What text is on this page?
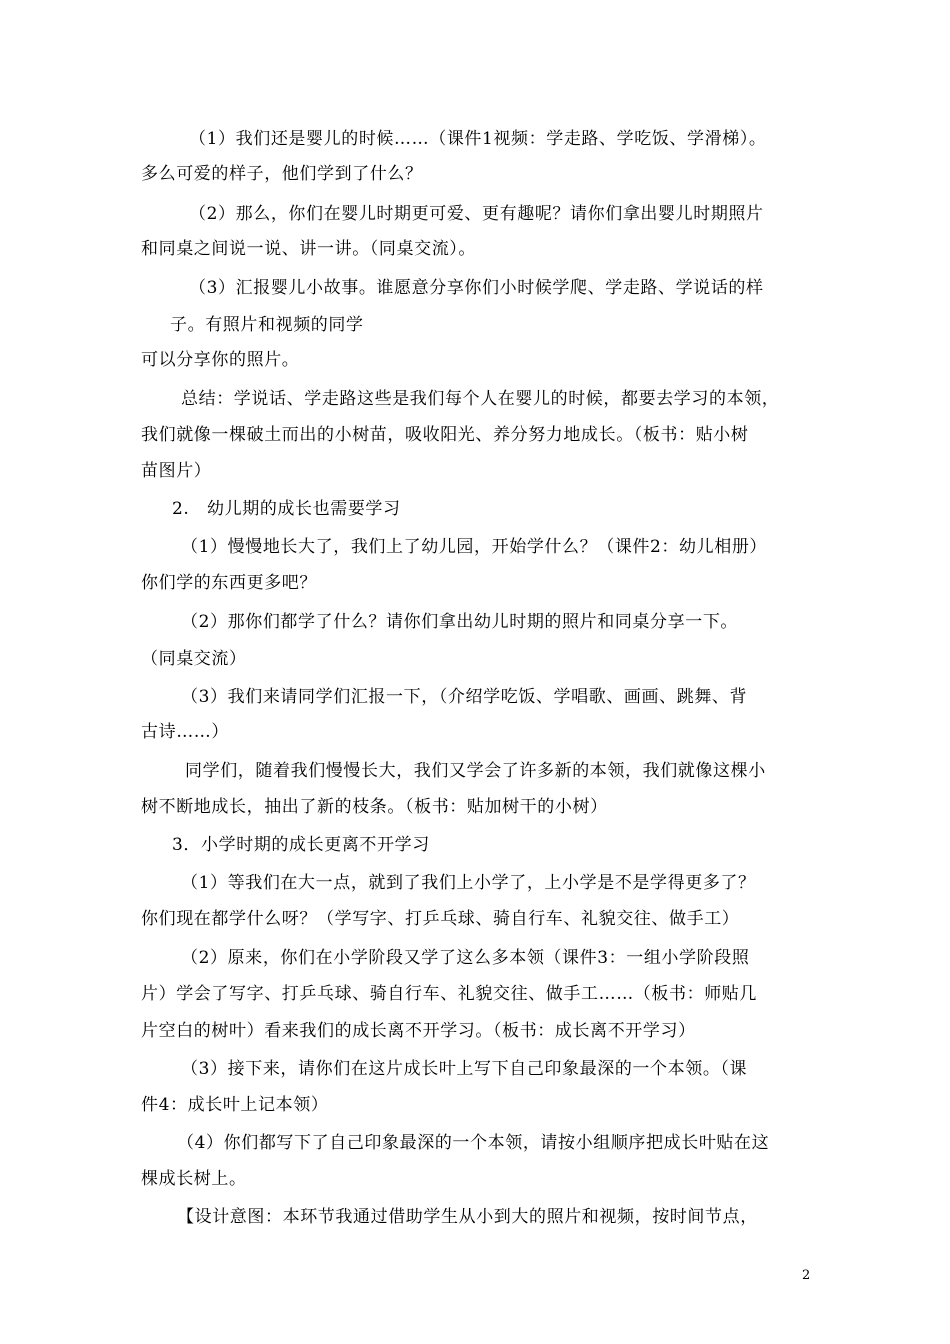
（1）我们还是婴儿的时候……（课件1视频：学走路、学吃饭、学滑梯）。

多么可爱的样子，他们学到了什么？

（2）那么，你们在婴儿时期更可爱、更有趣呢？请你们拿出婴儿时期照片

和同桌之间说一说、讲一讲。（同桌交流）。

（3）汇报婴儿小故事。谁愿意分享你们小时候学爬、学走路、学说话的样

子。有照片和视频的同学

可以分享你的照片。

总结：学说话、学走路这些是我们每个人在婴儿的时候，都要去学习的本领，

我们就像一棵破土而出的小树苗，吸收阳光、养分努力地成长。（板书：贴小树

苗图片）

2.　幼儿期的成长也需要学习

（1）慢慢地长大了，我们上了幼儿园，开始学什么？（课件2：幼儿相册）

你们学的东西更多吧？

（2）那你们都学了什么？请你们拿出幼儿时期的照片和同桌分享一下。

（同桌交流）

（3）我们来请同学们汇报一下，（介绍学吃饭、学唱歌、画画、跳舞、背

古诗……）

同学们，随着我们慢慢长大，我们又学会了许多新的本领，我们就像这棵小

树不断地成长，抽出了新的枝条。（板书：贴加树干的小树）

3．小学时期的成长更离不开学习

（1）等我们在大一点，就到了我们上小学了，上小学是不是学得更多了？

你们现在都学什么呀？（学写字、打乒乓球、骑自行车、礼貌交往、做手工）

（2）原来，你们在小学阶段又学了这么多本领（课件3：一组小学阶段照

片）学会了写字、打乒乓球、骑自行车、礼貌交往、做手工……（板书：师贴几

片空白的树叶）看来我们的成长离不开学习。（板书：成长离不开学习）

（3）接下来，请你们在这片成长叶上写下自己印象最深的一个本领。（课

件4：成长叶上记本领）

（4）你们都写下了自己印象最深的一个本领，请按小组顺序把成长叶贴在这

棵成长树上。

【设计意图：本环节我通过借助学生从小到大的照片和视频，按时间节点，

2
